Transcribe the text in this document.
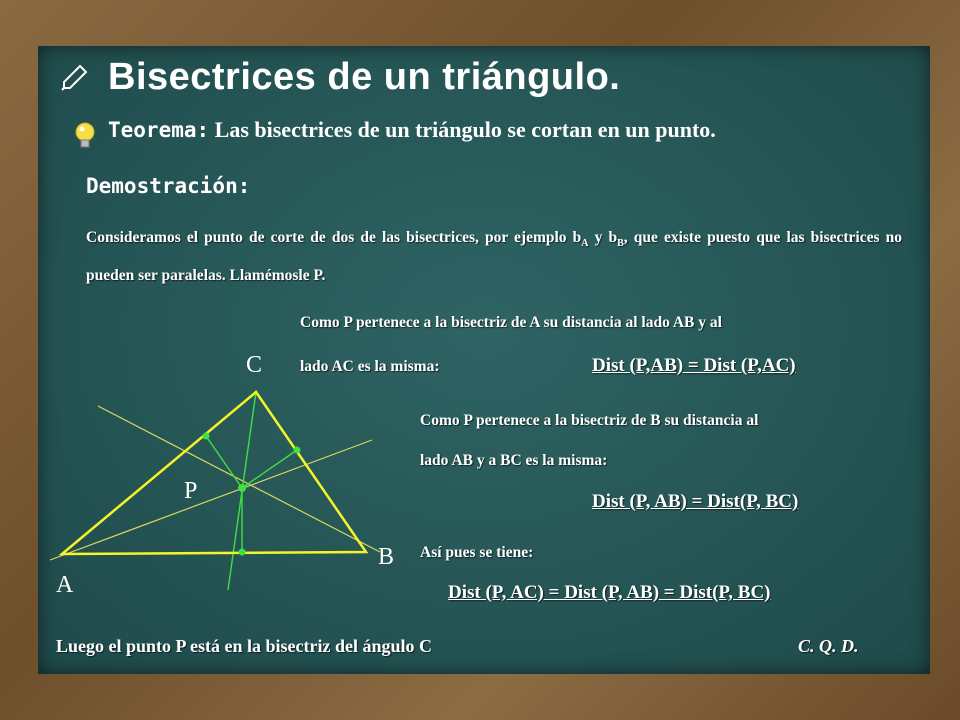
Bisectrices de un triángulo.
Teorema: Las bisectrices de un triángulo se cortan en un punto.
Demostración:
Consideramos el punto de corte de dos de las bisectrices, por ejemplo $b_A$ y $b_B$, que existe puesto que las bisectrices no pueden ser paralelas. Llamémosle P.
Como P pertenece a la bisectriz de A su distancia al lado AB y al
lado AC es la misma:	Dist (P,AB) = Dist (P,AC)
Como P pertenece a la bisectriz de B su distancia al
lado AB y a BC es la misma:
Dist (P, AB) = Dist(P, BC)
Así pues se tiene:
Dist (P, AC) = Dist (P, AB) = Dist(P, BC)
Luego el punto P está en la bisectriz del ángulo C	C. Q. D.
C
P
B
A
